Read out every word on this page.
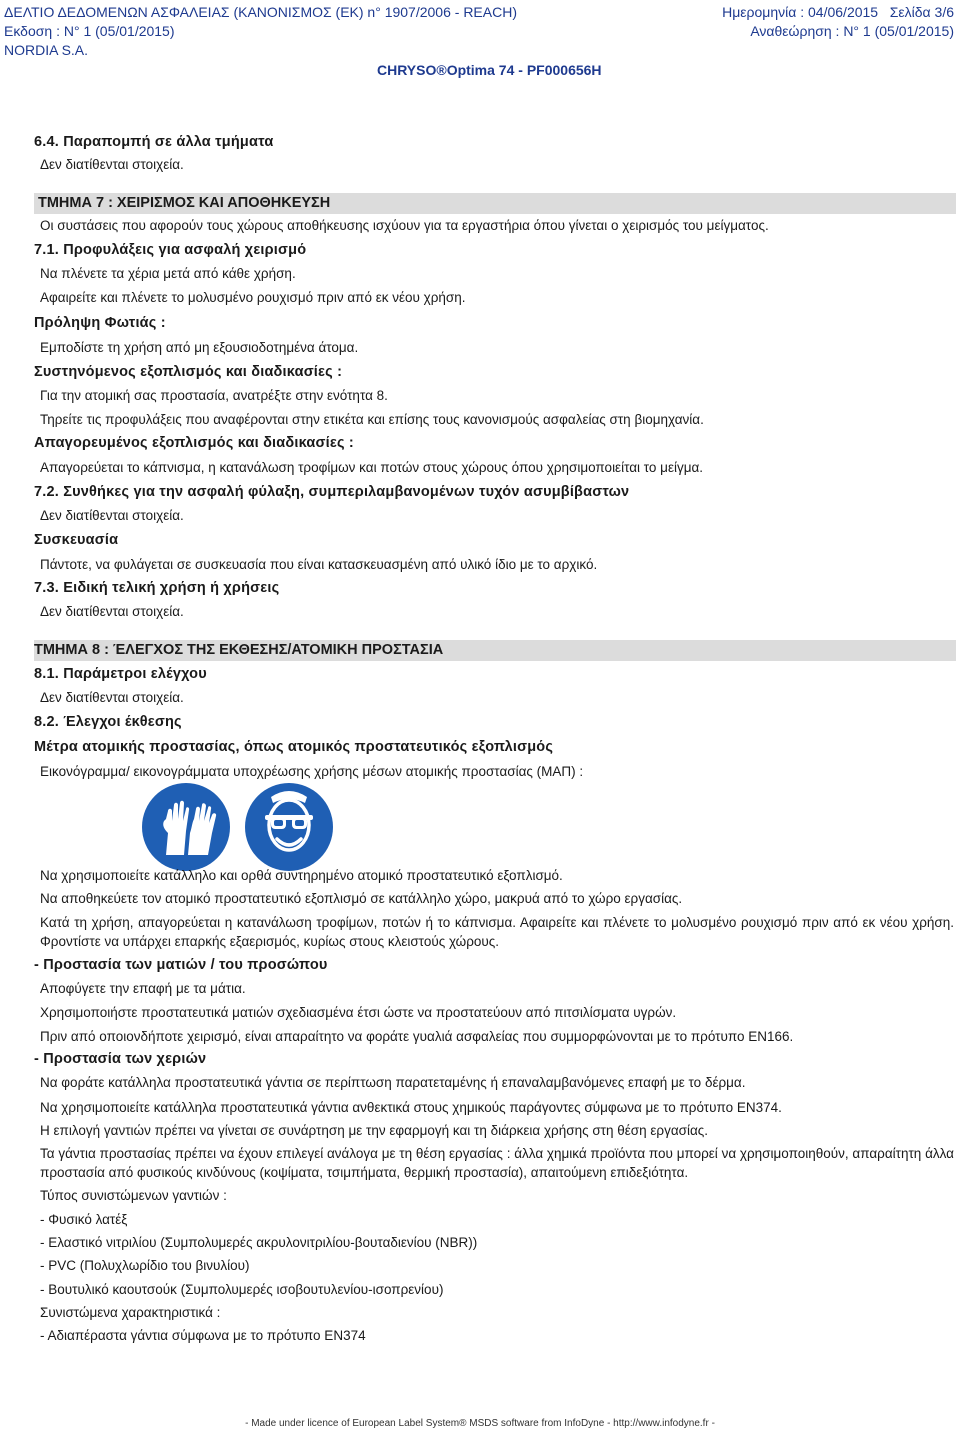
ΔΕΛΤΙΟ ΔΕΔΟΜΕΝΩΝ ΑΣΦΑΛΕΙΑΣ (ΚΑΝΟΝΙΣΜΟΣ (ΕΚ) n° 1907/2006 - REACH)
Εκδοση : N° 1 (05/01/2015)
NORDIA S.A.
Ημερομηνία : 04/06/2015   Σελίδα 3/6
Αναθεώρηση : N° 1 (05/01/2015)
CHRYSO®Optima 74 - PF000656H
6.4. Παραπομπή σε άλλα τμήματα
Δεν διατίθενται στοιχεία.
ΤΜΗΜΑ 7 : ΧΕΙΡΙΣΜΟΣ ΚΑΙ ΑΠΟΘΗΚΕΥΣΗ
Οι συστάσεις που αφορούν τους χώρους αποθήκευσης ισχύουν για τα εργαστήρια όπου γίνεται ο χειρισμός του μείγματος.
7.1. Προφυλάξεις για ασφαλή χειρισμό
Να πλένετε τα χέρια μετά από κάθε χρήση.
Αφαιρείτε και πλένετε το μολυσμένο ρουχισμό πριν από εκ νέου χρήση.
Πρόληψη Φωτιάς :
Εμποδίστε τη χρήση από μη εξουσιοδοτημένα άτομα.
Συστηνόμενος εξοπλισμός και διαδικασίες :
Για την ατομική σας προστασία, ανατρέξτε στην ενότητα 8.
Τηρείτε τις προφυλάξεις που αναφέρονται στην ετικέτα και επίσης τους κανονισμούς ασφαλείας στη βιομηχανία.
Απαγορευμένος εξοπλισμός και διαδικασίες :
Απαγορεύεται το κάπνισμα, η κατανάλωση τροφίμων και ποτών στους χώρους όπου χρησιμοποιείται το μείγμα.
7.2. Συνθήκες για την ασφαλή φύλαξη, συμπεριλαμβανομένων τυχόν ασυμβίβαστων
Δεν διατίθενται στοιχεία.
Συσκευασία
Πάντοτε, να φυλάγεται σε συσκευασία που είναι κατασκευασμένη από υλικό ίδιο με το αρχικό.
7.3. Ειδική τελική χρήση ή χρήσεις
Δεν διατίθενται στοιχεία.
ΤΜΗΜΑ 8 : ΈΛΕΓΧΟΣ ΤΗΣ ΕΚΘΕΣΗΣ/ΑΤΟΜΙΚΗ ΠΡΟΣΤΑΣΙΑ
8.1. Παράμετροι ελέγχου
Δεν διατίθενται στοιχεία.
8.2. Έλεγχοι έκθεσης
Μέτρα ατομικής προστασίας, όπως ατομικός προστατευτικός εξοπλισμός
Εικονόγραμμα/ εικονογράμματα υποχρέωσης χρήσης μέσων ατομικής προστασίας (ΜΑΠ) :
Να χρησιμοποιείτε κατάλληλο και ορθά συντηρημένο ατομικό προστατευτικό εξοπλισμό.
Να αποθηκεύετε τον ατομικό προστατευτικό εξοπλισμό σε κατάλληλο χώρο, μακρυά από το χώρο εργασίας.
Κατά τη χρήση, απαγορεύεται η κατανάλωση τροφίμων, ποτών ή το κάπνισμα. Αφαιρείτε και πλένετε το μολυσμένο ρουχισμό πριν από εκ νέου χρήση.
Φροντίστε να υπάρχει επαρκής εξαερισμός, κυρίως στους κλειστούς χώρους.
- Προστασία των ματιών / του προσώπου
Αποφύγετε την επαφή με τα μάτια.
Χρησιμοποιήστε προστατευτικά ματιών σχεδιασμένα έτσι ώστε να προστατεύουν από πιτσιλίσματα υγρών.
Πριν από οποιονδήποτε χειρισμό, είναι απαραίτητο να φοράτε γυαλιά ασφαλείας που συμμορφώνονται με το πρότυπο EN166.
- Προστασία των χεριών
Να φοράτε κατάλληλα προστατευτικά γάντια σε περίπτωση παρατεταμένης ή επαναλαμβανόμενες επαφή με το δέρμα.
Να χρησιμοποιείτε κατάλληλα προστατευτικά γάντια ανθεκτικά στους χημικούς παράγοντες σύμφωνα με το πρότυπο EN374.
Η επιλογή γαντιών πρέπει να γίνεται σε συνάρτηση με την εφαρμογή και τη διάρκεια χρήσης στη θέση εργασίας.
Τα γάντια προστασίας πρέπει να έχουν επιλεγεί ανάλογα με τη θέση εργασίας : άλλα χημικά προϊόντα που μπορεί να χρησιμοποιηθούν, απαραίτητη άλλα
προστασία από φυσικούς κινδύνους (κοψίματα, τσιμπήματα, θερμική προστασία), απαιτούμενη επιδεξιότητα.
Τύπος συνιστώμενων γαντιών :
- Φυσικό λατέξ
- Ελαστικό νιτριλίου (Συμπολυμερές ακρυλονιτριλίου-βουταδιενίου (NBR))
- PVC (Πολυχλωρίδιο του βινυλίου)
- Βουτυλικό καουτσούκ (Συμπολυμερές ισοβουτυλενίου-ισοπρενίου)
Συνιστώμενα χαρακτηριστικά :
- Αδιαπέραστα γάντια σύμφωνα με το πρότυπο EN374
- Made under licence of European Label System® MSDS software from InfoDyne - http://www.infodyne.fr -
